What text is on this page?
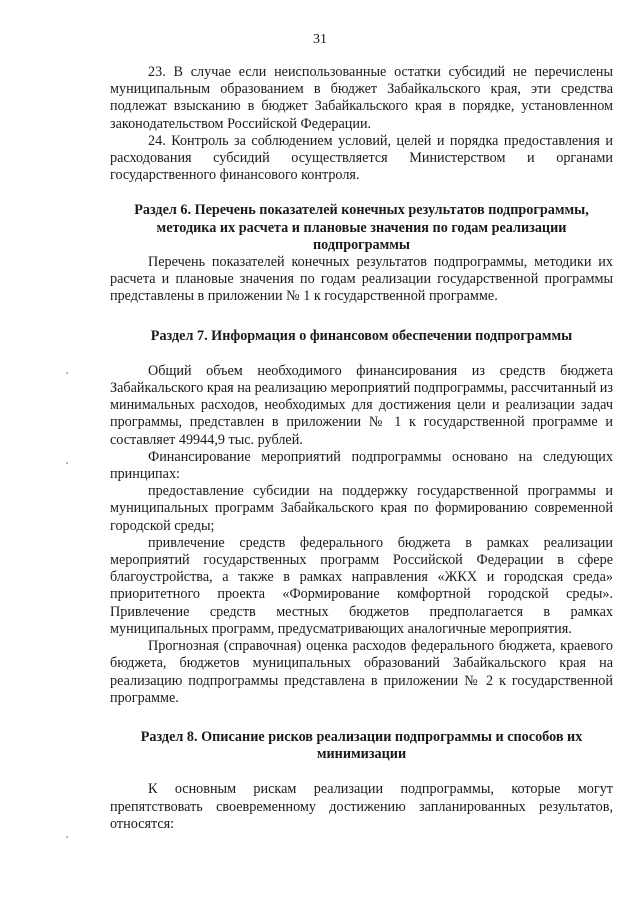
31

23. В случае если неиспользованные остатки субсидий не перечислены муниципальным образованием в бюджет Забайкальского края, эти средства подлежат взысканию в бюджет Забайкальского края в порядке, установленном законодательством Российской Федерации.

24. Контроль за соблюдением условий, целей и порядка предоставления и расходования субсидий осуществляется Министерством и органами государственного финансового контроля.

Раздел 6. Перечень показателей конечных результатов подпрограммы, методика их расчета и плановые значения по годам реализации подпрограммы

Перечень показателей конечных результатов подпрограммы, методики их расчета и плановые значения по годам реализации государственной программы представлены в приложении № 1 к государственной программе.

Раздел 7. Информация о финансовом обеспечении подпрограммы

Общий объем необходимого финансирования из средств бюджета Забайкальского края на реализацию мероприятий подпрограммы, рассчитанный из минимальных расходов, необходимых для достижения цели и реализации задач программы, представлен в приложении № 1 к государственной программе и составляет 49944,9 тыс. рублей.

Финансирование мероприятий подпрограммы основано на следующих принципах:

предоставление субсидии на поддержку государственной программы и муниципальных программ Забайкальского края по формированию современной городской среды;

привлечение средств федерального бюджета в рамках реализации мероприятий государственных программ Российской Федерации в сфере благоустройства, а также в рамках направления «ЖКХ и городская среда» приоритетного проекта «Формирование комфортной городской среды». Привлечение средств местных бюджетов предполагается в рамках муниципальных программ, предусматривающих аналогичные мероприятия.

Прогнозная (справочная) оценка расходов федерального бюджета, краевого бюджета, бюджетов муниципальных образований Забайкальского края на реализацию подпрограммы представлена в приложении № 2 к государственной программе.

Раздел 8. Описание рисков реализации подпрограммы и способов их минимизации

К основным рискам реализации подпрограммы, которые могут препятствовать своевременному достижению запланированных результатов, относятся:
